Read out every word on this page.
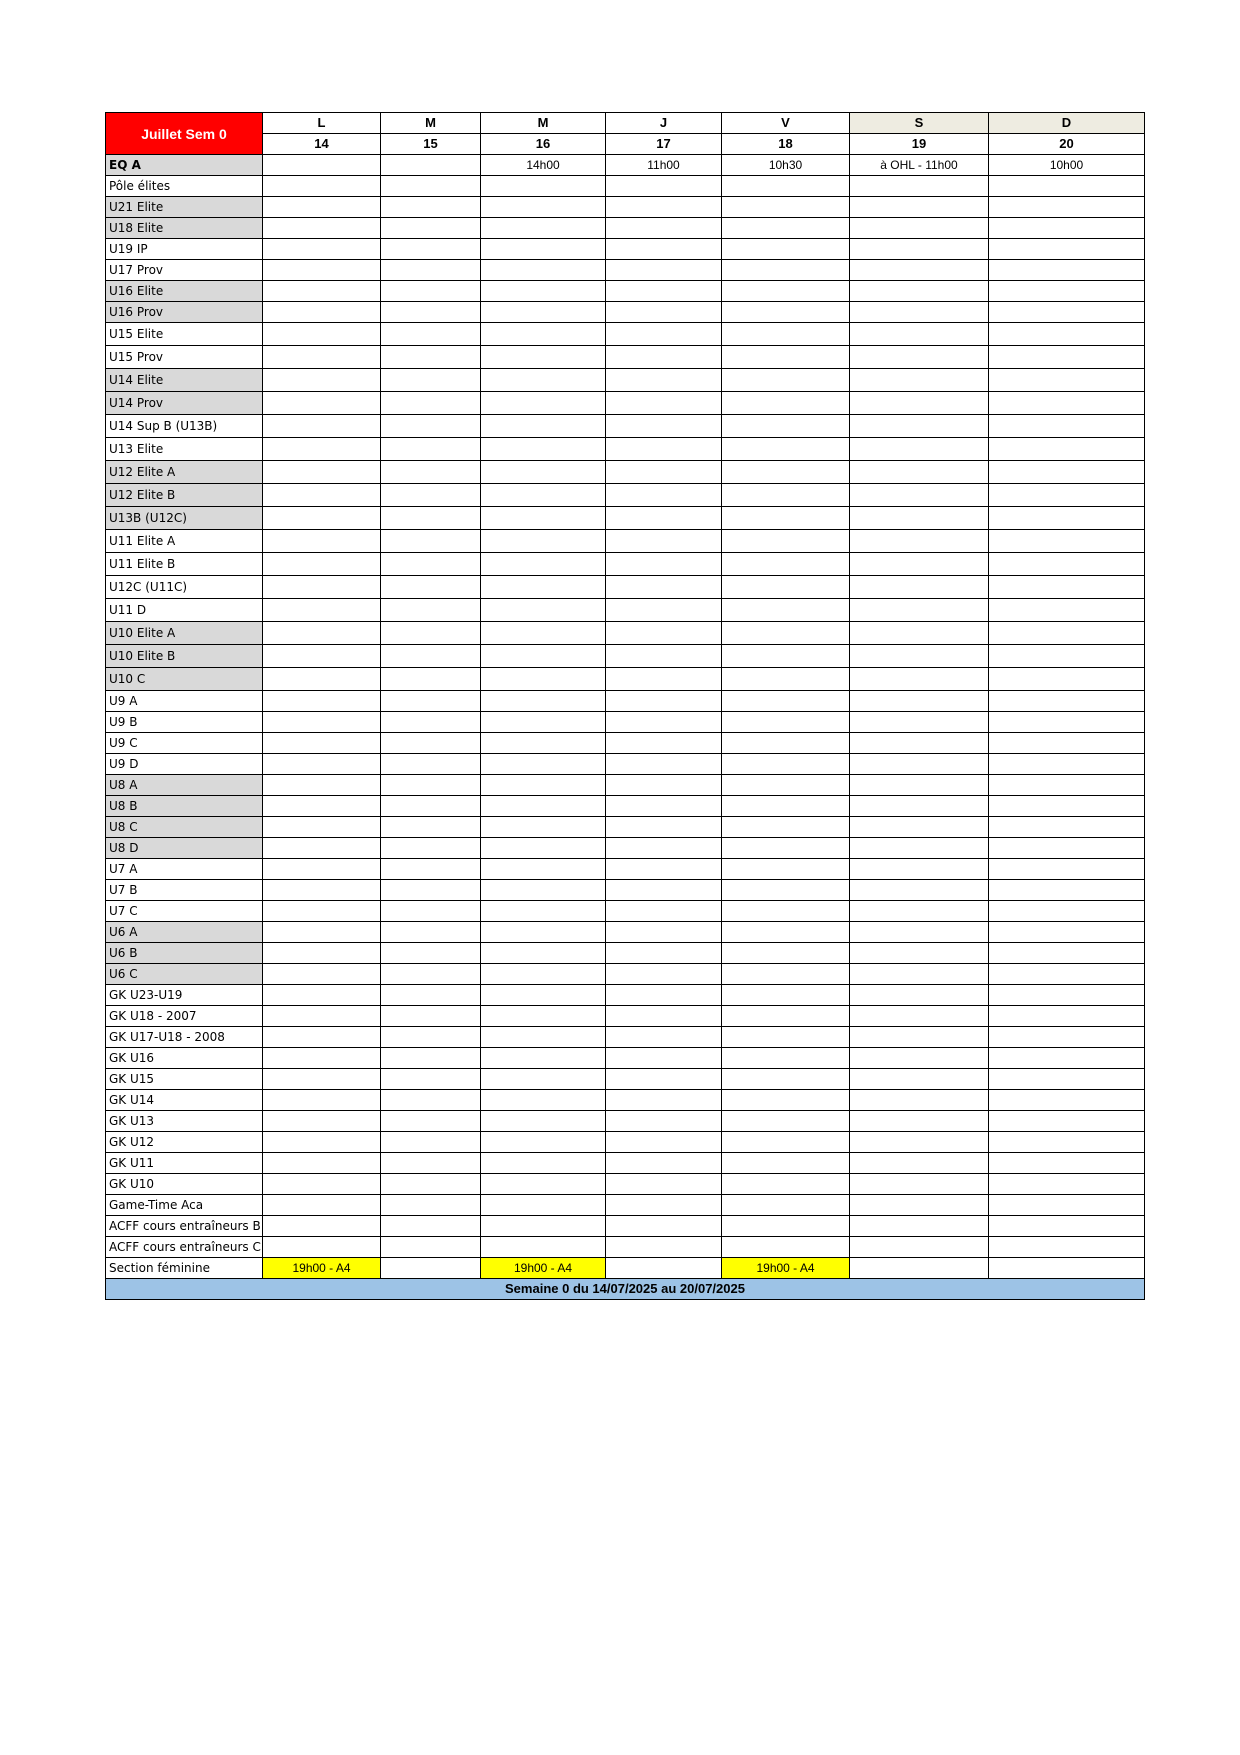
Juillet Sem 0	L	M	M	J	V	S	D
	14	15	16	17	18	19	20
EQ A			14h00	11h00	10h30	à OHL - 11h00	10h00
Pôle élites							
U21 Elite							
U18 Elite							
U19 IP							
U17 Prov							
U16 Elite							
U16 Prov							
U15 Elite							
U15 Prov							
U14 Elite							
U14 Prov							
U14 Sup B (U13B)							
U13 Elite							
U12 Elite A							
U12 Elite B							
U13B (U12C)							
U11 Elite A							
U11 Elite B							
U12C (U11C)							
U11 D							
U10 Elite A							
U10 Elite B							
U10 C							
U9 A							
U9 B							
U9 C							
U9 D							
U8 A							
U8 B							
U8 C							
U8 D							
U7 A							
U7 B							
U7 C							
U6 A							
U6 B							
U6 C							
GK U23-U19							
GK U18 - 2007							
GK U17-U18 - 2008							
GK U16							
GK U15							
GK U14							
GK U13							
GK U12							
GK U11							
GK U10							
Game-Time Aca							
ACFF cours entraîneurs B							
ACFF cours entraîneurs C							
Section féminine	19h00 - A4		19h00 - A4		19h00 - A4		
Semaine 0 du 14/07/2025 au 20/07/2025							
